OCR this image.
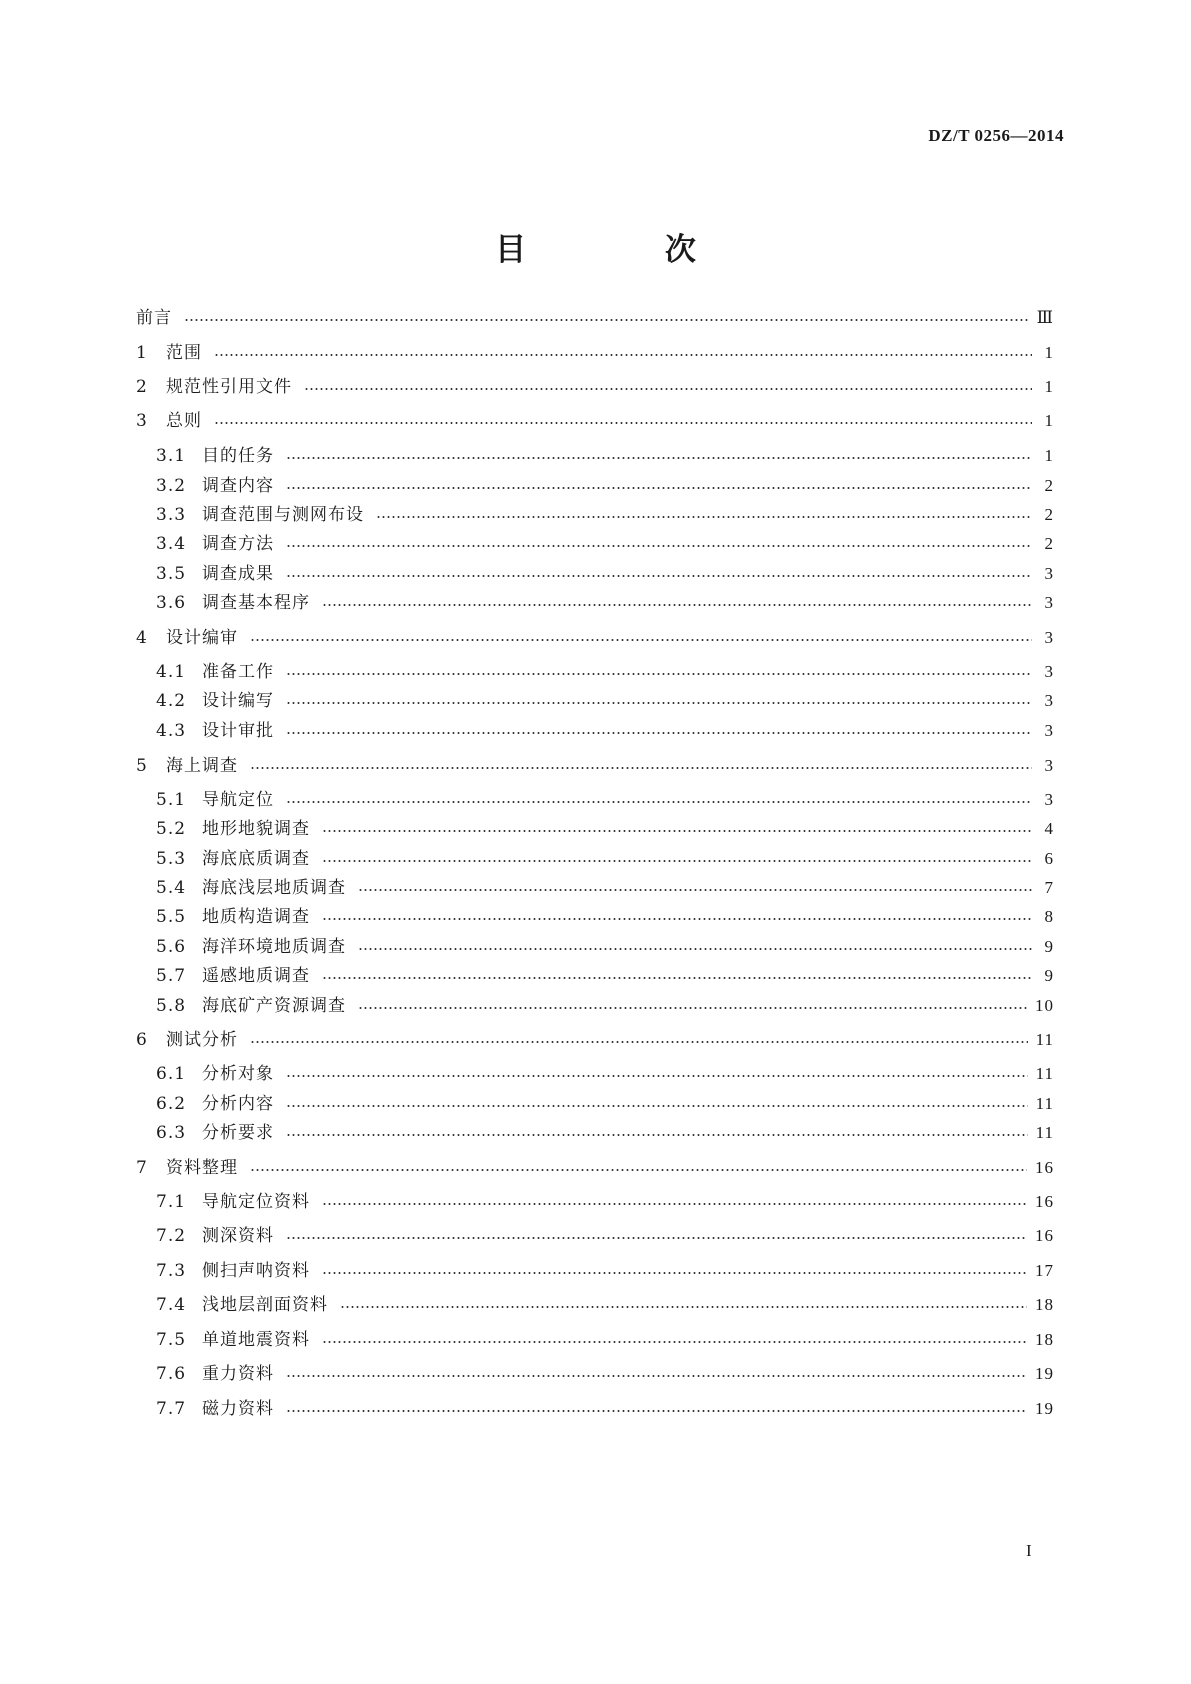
DZ/T 0256—2014
目 次
前言	Ⅲ
1	范围	1
2	规范性引用文件	1
3	总则	1
3.1 目的任务	1
3.2 调查内容	2
3.3 调查范围与测网布设	2
3.4 调查方法	2
3.5 调查成果	3
3.6 调查基本程序	3
4	设计编审	3
4.1 准备工作	3
4.2 设计编写	3
4.3 设计审批	3
5	海上调查	3
5.1 导航定位	3
5.2 地形地貌调查	4
5.3 海底底质调查	6
5.4 海底浅层地质调查	7
5.5 地质构造调查	8
5.6 海洋环境地质调查	9
5.7 遥感地质调查	9
5.8 海底矿产资源调查	10
6	测试分析	11
6.1 分析对象	11
6.2 分析内容	11
6.3 分析要求	11
7	资料整理	16
7.1 导航定位资料	16
7.2 测深资料	16
7.3 侧扫声呐资料	17
7.4 浅地层剖面资料	18
7.5 单道地震资料	18
7.6 重力资料	19
7.7 磁力资料	19
I
